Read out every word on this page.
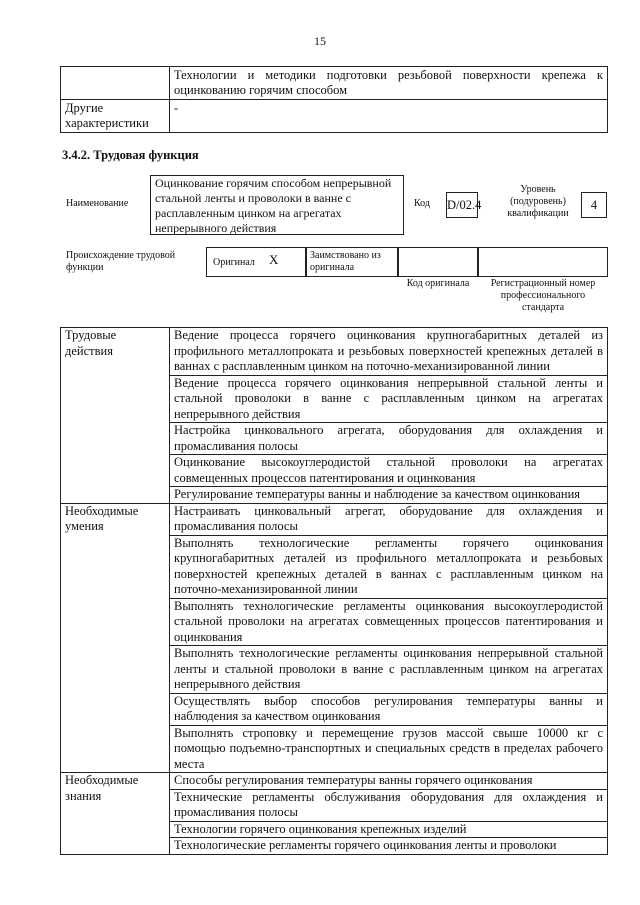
15
	Технологии и методики подготовки резьбовой поверхности крепежа к оцинкованию горячим способом
Другие характеристики	-
3.4.2. Трудовая функция
Наименование
Оцинкование горячим способом непрерывной стальной ленты и проволоки в ванне с расплавленным цинком на агрегатах непрерывного действия
Код D/02.4
Уровень (подуровень) квалификации
4
Происхождение трудовой функции	Оригинал X	Заимствовано из оригинала
Код оригинала	Регистрационный номер профессионального стандарта
Трудовые действия	Ведение процесса горячего оцинкования крупногабаритных деталей из профильного металлопроката и резьбовых поверхностей крепежных деталей в ваннах с расплавленным цинком на поточно-механизированной линии
	Ведение процесса горячего оцинкования непрерывной стальной ленты и стальной проволоки в ванне с расплавленным цинком на агрегатах непрерывного действия
	Настройка цинковального агрегата, оборудования для охлаждения и промасливания полосы
	Оцинкование высокоуглеродистой стальной проволоки на агрегатах совмещенных процессов патентирования и оцинкования
	Регулирование температуры ванны и наблюдение за качеством оцинкования
Необходимые умения	Настраивать цинковальный агрегат, оборудование для охлаждения и промасливания полосы
	Выполнять технологические регламенты горячего оцинкования крупногабаритных деталей из профильного металлопроката и резьбовых поверхностей крепежных деталей в ваннах с расплавленным цинком на поточно-механизированной линии
	Выполнять технологические регламенты оцинкования высокоуглеродистой стальной проволоки на агрегатах совмещенных процессов патентирования и оцинкования
	Выполнять технологические регламенты оцинкования непрерывной стальной ленты и стальной проволоки в ванне с расплавленным цинком на агрегатах непрерывного действия
	Осуществлять выбор способов регулирования температуры ванны и наблюдения за качеством оцинкования
	Выполнять строповку и перемещение грузов массой свыше 10000 кг с помощью подъемно-транспортных и специальных средств в пределах рабочего места
Необходимые знания	Способы регулирования температуры ванны горячего оцинкования
	Технические регламенты обслуживания оборудования для охлаждения и промасливания полосы
	Технологии горячего оцинкования крепежных изделий
	Технологические регламенты горячего оцинкования ленты и проволоки
